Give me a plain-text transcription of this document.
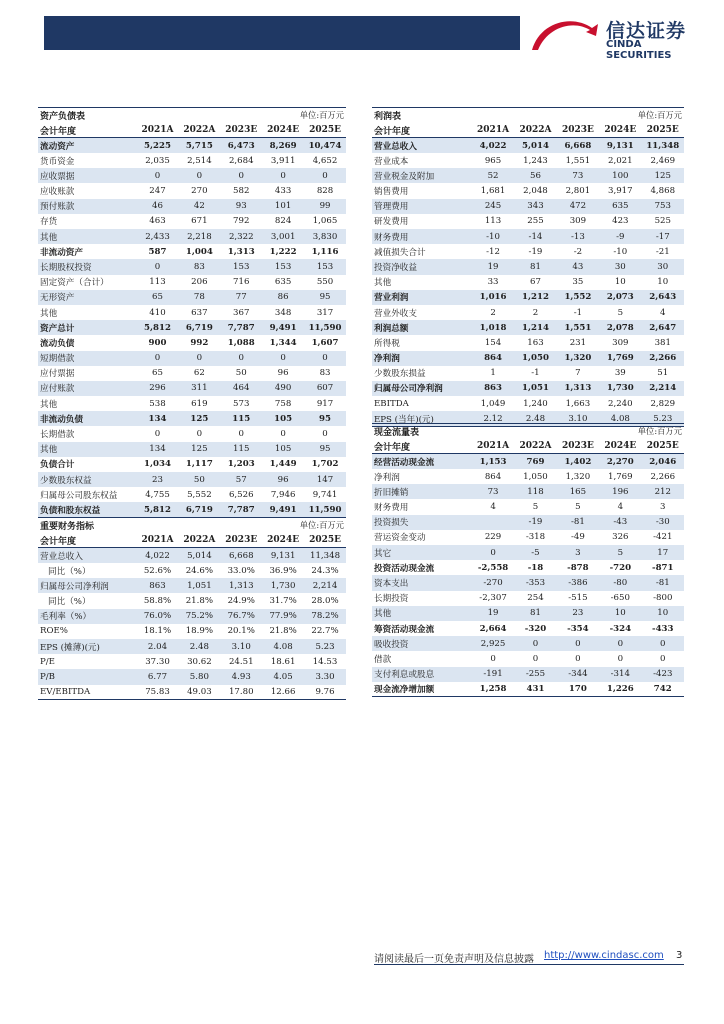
信达证券
CINDA SECURITIES
资产负债表			单位:百万元		
会计年度	2021A	2022A	2023E	2024E	2025E
流动资产	5,225	5,715	6,473	8,269	10,474
货币资金	2,035	2,514	2,684	3,911	4,652
应收票据	0	0	0	0	0
应收账款	247	270	582	433	828
预付账款	46	42	93	101	99
存货	463	671	792	824	1,065
其他	2,433	2,218	2,322	3,001	3,830
非流动资产	587	1,004	1,313	1,222	1,116
长期股权投资	0	83	153	153	153
固定资产（合计）	113	206	716	635	550
无形资产	65	78	77	86	95
其他	410	637	367	348	317
资产总计	5,812	6,719	7,787	9,491	11,590
流动负债	900	992	1,088	1,344	1,607
短期借款	0	0	0	0	0
应付票据	65	62	50	96	83
应付账款	296	311	464	490	607
其他	538	619	573	758	917
非流动负债	134	125	115	105	95
长期借款	0	0	0	0	0
其他	134	125	115	105	95
负债合计	1,034	1,117	1,203	1,449	1,702
少数股东权益	23	50	57	96	147
归属母公司股东权益	4,755	5,552	6,526	7,946	9,741
负债和股东权益	5,812	6,719	7,787	9,491	11,590
重要财务指标			单位:百万元		
会计年度	2021A	2022A	2023E	2024E	2025E
营业总收入	4,022	5,014	6,668	9,131	11,348
同比（%）	52.6%	24.6%	33.0%	36.9%	24.3%
归属母公司净利润	863	1,051	1,313	1,730	2,214
同比（%）	58.8%	21.8%	24.9%	31.7%	28.0%
毛利率（%）	76.0%	75.2%	76.7%	77.9%	78.2%
ROE%	18.1%	18.9%	20.1%	21.8%	22.7%
EPS (摊薄)(元)	2.04	2.48	3.10	4.08	5.23
P/E	37.30	30.62	24.51	18.61	14.53
P/B	6.77	5.80	4.93	4.05	3.30
EV/EBITDA	75.83	49.03	17.80	12.66	9.76
利润表			单位:百万元		
会计年度	2021A	2022A	2023E	2024E	2025E
营业总收入	4,022	5,014	6,668	9,131	11,348
营业成本	965	1,243	1,551	2,021	2,469
营业税金及附加	52	56	73	100	125
销售费用	1,681	2,048	2,801	3,917	4,868
管理费用	245	343	472	635	753
研发费用	113	255	309	423	525
财务费用	-10	-14	-13	-9	-17
减值损失合计	-12	-19	-2	-10	-21
投资净收益	19	81	43	30	30
其他	33	67	35	10	10
营业利润	1,016	1,212	1,552	2,073	2,643
营业外收支	2	2	-1	5	4
利润总额	1,018	1,214	1,551	2,078	2,647
所得税	154	163	231	309	381
净利润	864	1,050	1,320	1,769	2,266
少数股东损益	1	-1	7	39	51
归属母公司净利润	863	1,051	1,313	1,730	2,214
EBITDA	1,049	1,240	1,663	2,240	2,829
EPS (当年)(元)	2.12	2.48	3.10	4.08	5.23
现金流量表			单位:百万元		
会计年度	2021A	2022A	2023E	2024E	2025E
经营活动现金流	1,153	769	1,402	2,270	2,046
净利润	864	1,050	1,320	1,769	2,266
折旧摊销	73	118	165	196	212
财务费用	4	5	5	4	3
投资损失		-19	-81	-43	-30
营运资金变动	229	-318	-49	326	-421
其它	0	-5	3	5	17
投资活动现金流	-2,558	-18	-878	-720	-871
资本支出	-270	-353	-386	-80	-81
长期投资	-2,307	254	-515	-650	-800
其他	19	81	23	10	10
筹资活动现金流	2,664	-320	-354	-324	-433
吸收投资	2,925	0	0	0	0
借款	0	0	0	0	0
支付利息或股息	-191	-255	-344	-314	-423
现金流净增加额	1,258	431	170	1,226	742
请阅读最后一页免责声明及信息披露 http://www.cindasc.com 3
